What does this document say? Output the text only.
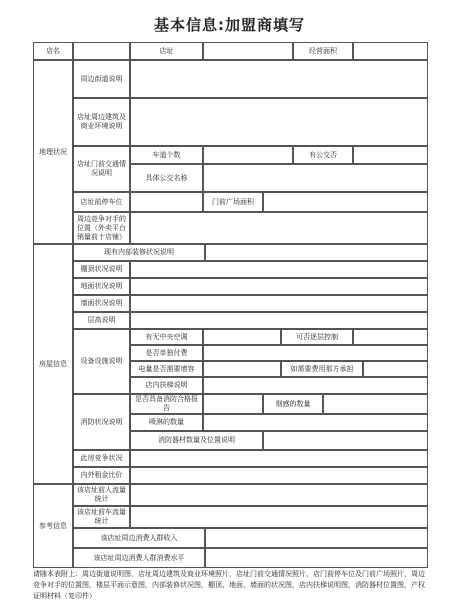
基本信息:加盟商填写
店名	店址	经营面积
地理状况
周边街道说明
店址周边建筑及商业环境说明
店址门前交通情况说明
车道个数	有公交否
具体公交名称
店址前停车位	门前广场面积
周边竞争对手的位置（外卖平台销量前十店铺）
房屋信息
现有内部装修状况说明
棚顶状况说明
地面状况说明
墙面状况说明
层高说明
设备设施说明
有无中央空调	可否逐层控制
是否单独付费
电量是否需要增容	如需要费用那方承担
店内扶梯说明
消防状况说明
是否具备消防合格报告
烟感的数量
喷淋的数量
消防器材数量及位置说明
此房竞争状况
内外租金比价
参考信息
该店址前人流量统计
该店址前车流量统计
该店址周边消费人群收入
该店址周边消费人群消费水平
请随本表附上：周边街道说明图，店址周边建筑及商业环境照片，店址门前交通情况照片，店门前停车位及门前广场照片，周边竞争对手的位置图，楼层平面示意图，内部装修状况图，棚顶、地面、墙面的状况图，店内扶梯说明图，消防器材位置图，产权证明材料（复印件）
